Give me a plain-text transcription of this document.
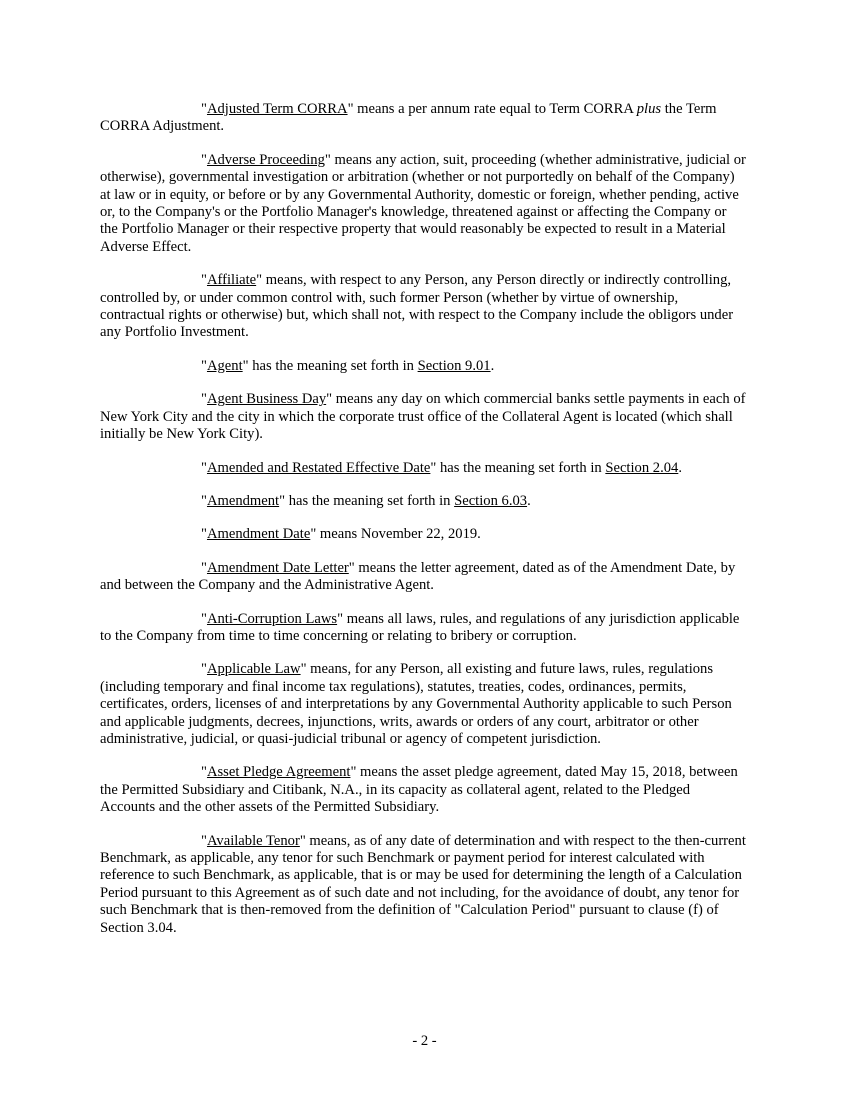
"Adjusted Term CORRA" means a per annum rate equal to Term CORRA plus the Term CORRA Adjustment.

"Adverse Proceeding" means any action, suit, proceeding (whether administrative, judicial or otherwise), governmental investigation or arbitration (whether or not purportedly on behalf of the Company) at law or in equity, or before or by any Governmental Authority, domestic or foreign, whether pending, active or, to the Company's or the Portfolio Manager's knowledge, threatened against or affecting the Company or the Portfolio Manager or their respective property that would reasonably be expected to result in a Material Adverse Effect.

"Affiliate" means, with respect to any Person, any Person directly or indirectly controlling, controlled by, or under common control with, such former Person (whether by virtue of ownership, contractual rights or otherwise) but, which shall not, with respect to the Company include the obligors under any Portfolio Investment.

"Agent" has the meaning set forth in Section 9.01.

"Agent Business Day" means any day on which commercial banks settle payments in each of New York City and the city in which the corporate trust office of the Collateral Agent is located (which shall initially be New York City).

"Amended and Restated Effective Date" has the meaning set forth in Section 2.04.

"Amendment" has the meaning set forth in Section 6.03.

"Amendment Date" means November 22, 2019.

"Amendment Date Letter" means the letter agreement, dated as of the Amendment Date, by and between the Company and the Administrative Agent.

"Anti-Corruption Laws" means all laws, rules, and regulations of any jurisdiction applicable to the Company from time to time concerning or relating to bribery or corruption.

"Applicable Law" means, for any Person, all existing and future laws, rules, regulations (including temporary and final income tax regulations), statutes, treaties, codes, ordinances, permits, certificates, orders, licenses of and interpretations by any Governmental Authority applicable to such Person and applicable judgments, decrees, injunctions, writs, awards or orders of any court, arbitrator or other administrative, judicial, or quasi-judicial tribunal or agency of competent jurisdiction.

"Asset Pledge Agreement" means the asset pledge agreement, dated May 15, 2018, between the Permitted Subsidiary and Citibank, N.A., in its capacity as collateral agent, related to the Pledged Accounts and the other assets of the Permitted Subsidiary.

"Available Tenor" means, as of any date of determination and with respect to the then-current Benchmark, as applicable, any tenor for such Benchmark or payment period for interest calculated with reference to such Benchmark, as applicable, that is or may be used for determining the length of a Calculation Period pursuant to this Agreement as of such date and not including, for the avoidance of doubt, any tenor for such Benchmark that is then-removed from the definition of "Calculation Period" pursuant to clause (f) of Section 3.04.

- 2 -
